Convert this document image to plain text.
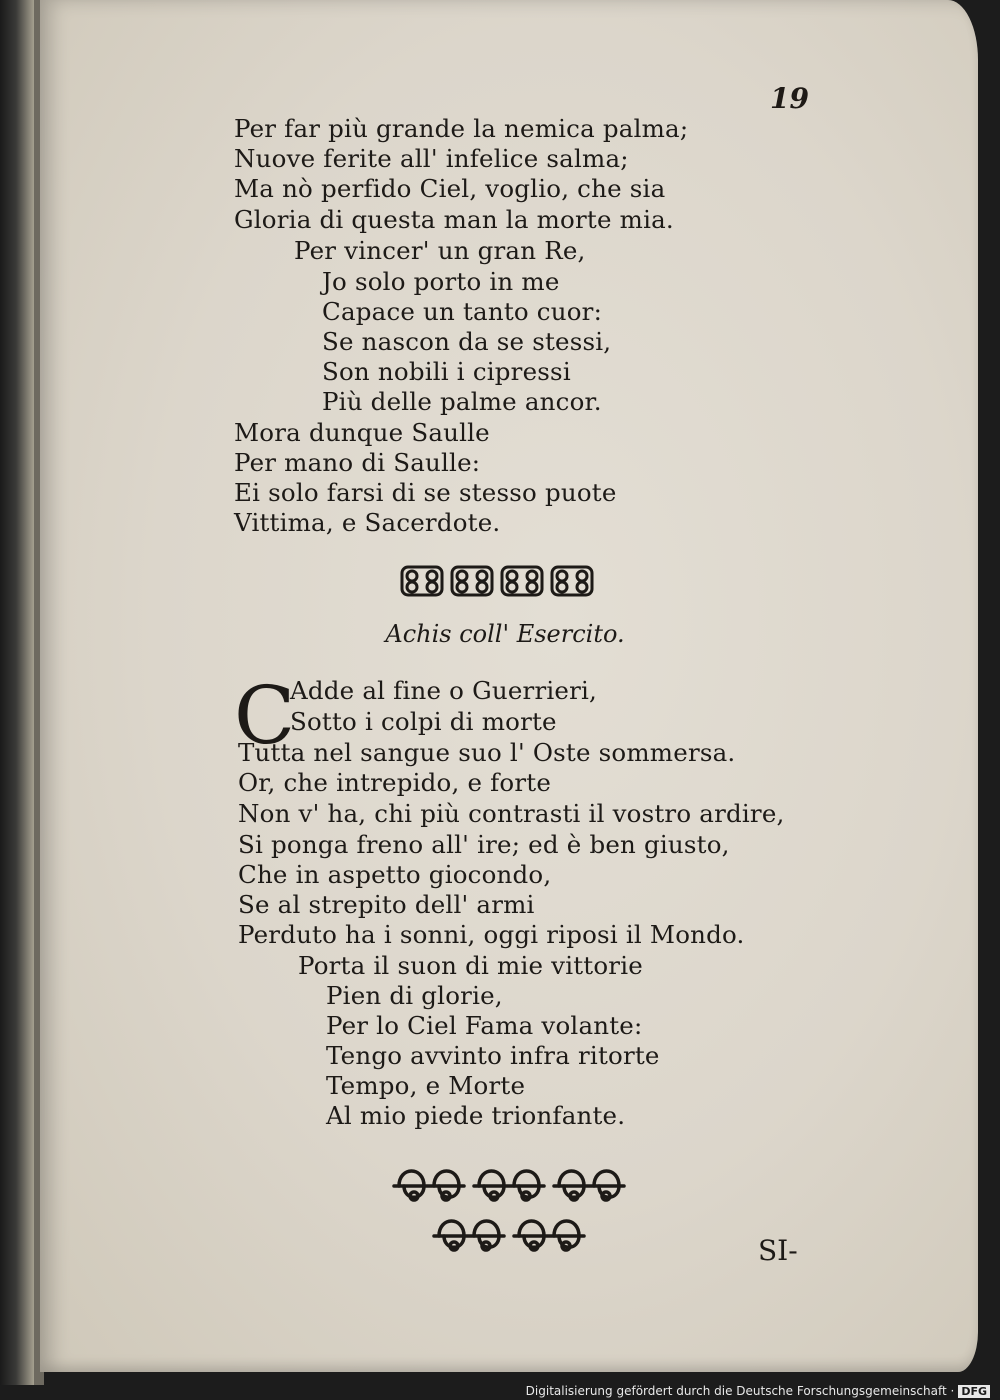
19
Per far più grande la nemica palma;
Nuove ferite all' infelice salma;
Ma nò perfido Ciel, voglio, che sia
Gloria di questa man la morte mia.
Per vincer' un gran Re,
Jo solo porto in me
Capace un tanto cuor:
Se nascon da se stessi,
Son nobili i cipressi
Più delle palme ancor.
Mora dunque Saulle
Per mano di Saulle:
Ei solo farsi di se stesso puote
Vittima, e Sacerdote.
Achis coll' Esercito.
C
Adde al fine o Guerrieri,
Sotto i colpi di morte
Tutta nel sangue suo l' Oste sommersa.
Or, che intrepido, e forte
Non v' ha, chi più contrasti il vostro ardire,
Si ponga freno all' ire; ed è ben giusto,
Che in aspetto giocondo,
Se al strepito dell' armi
Perduto ha i sonni, oggi riposi il Mondo.
Porta il suon di mie vittorie
Pien di glorie,
Per lo Ciel Fama volante:
Tengo avvinto infra ritorte
Tempo, e Morte
Al mio piede trionfante.
SI-
Digitalisierung gefördert durch die Deutsche Forschungsgemeinschaft · DFG
